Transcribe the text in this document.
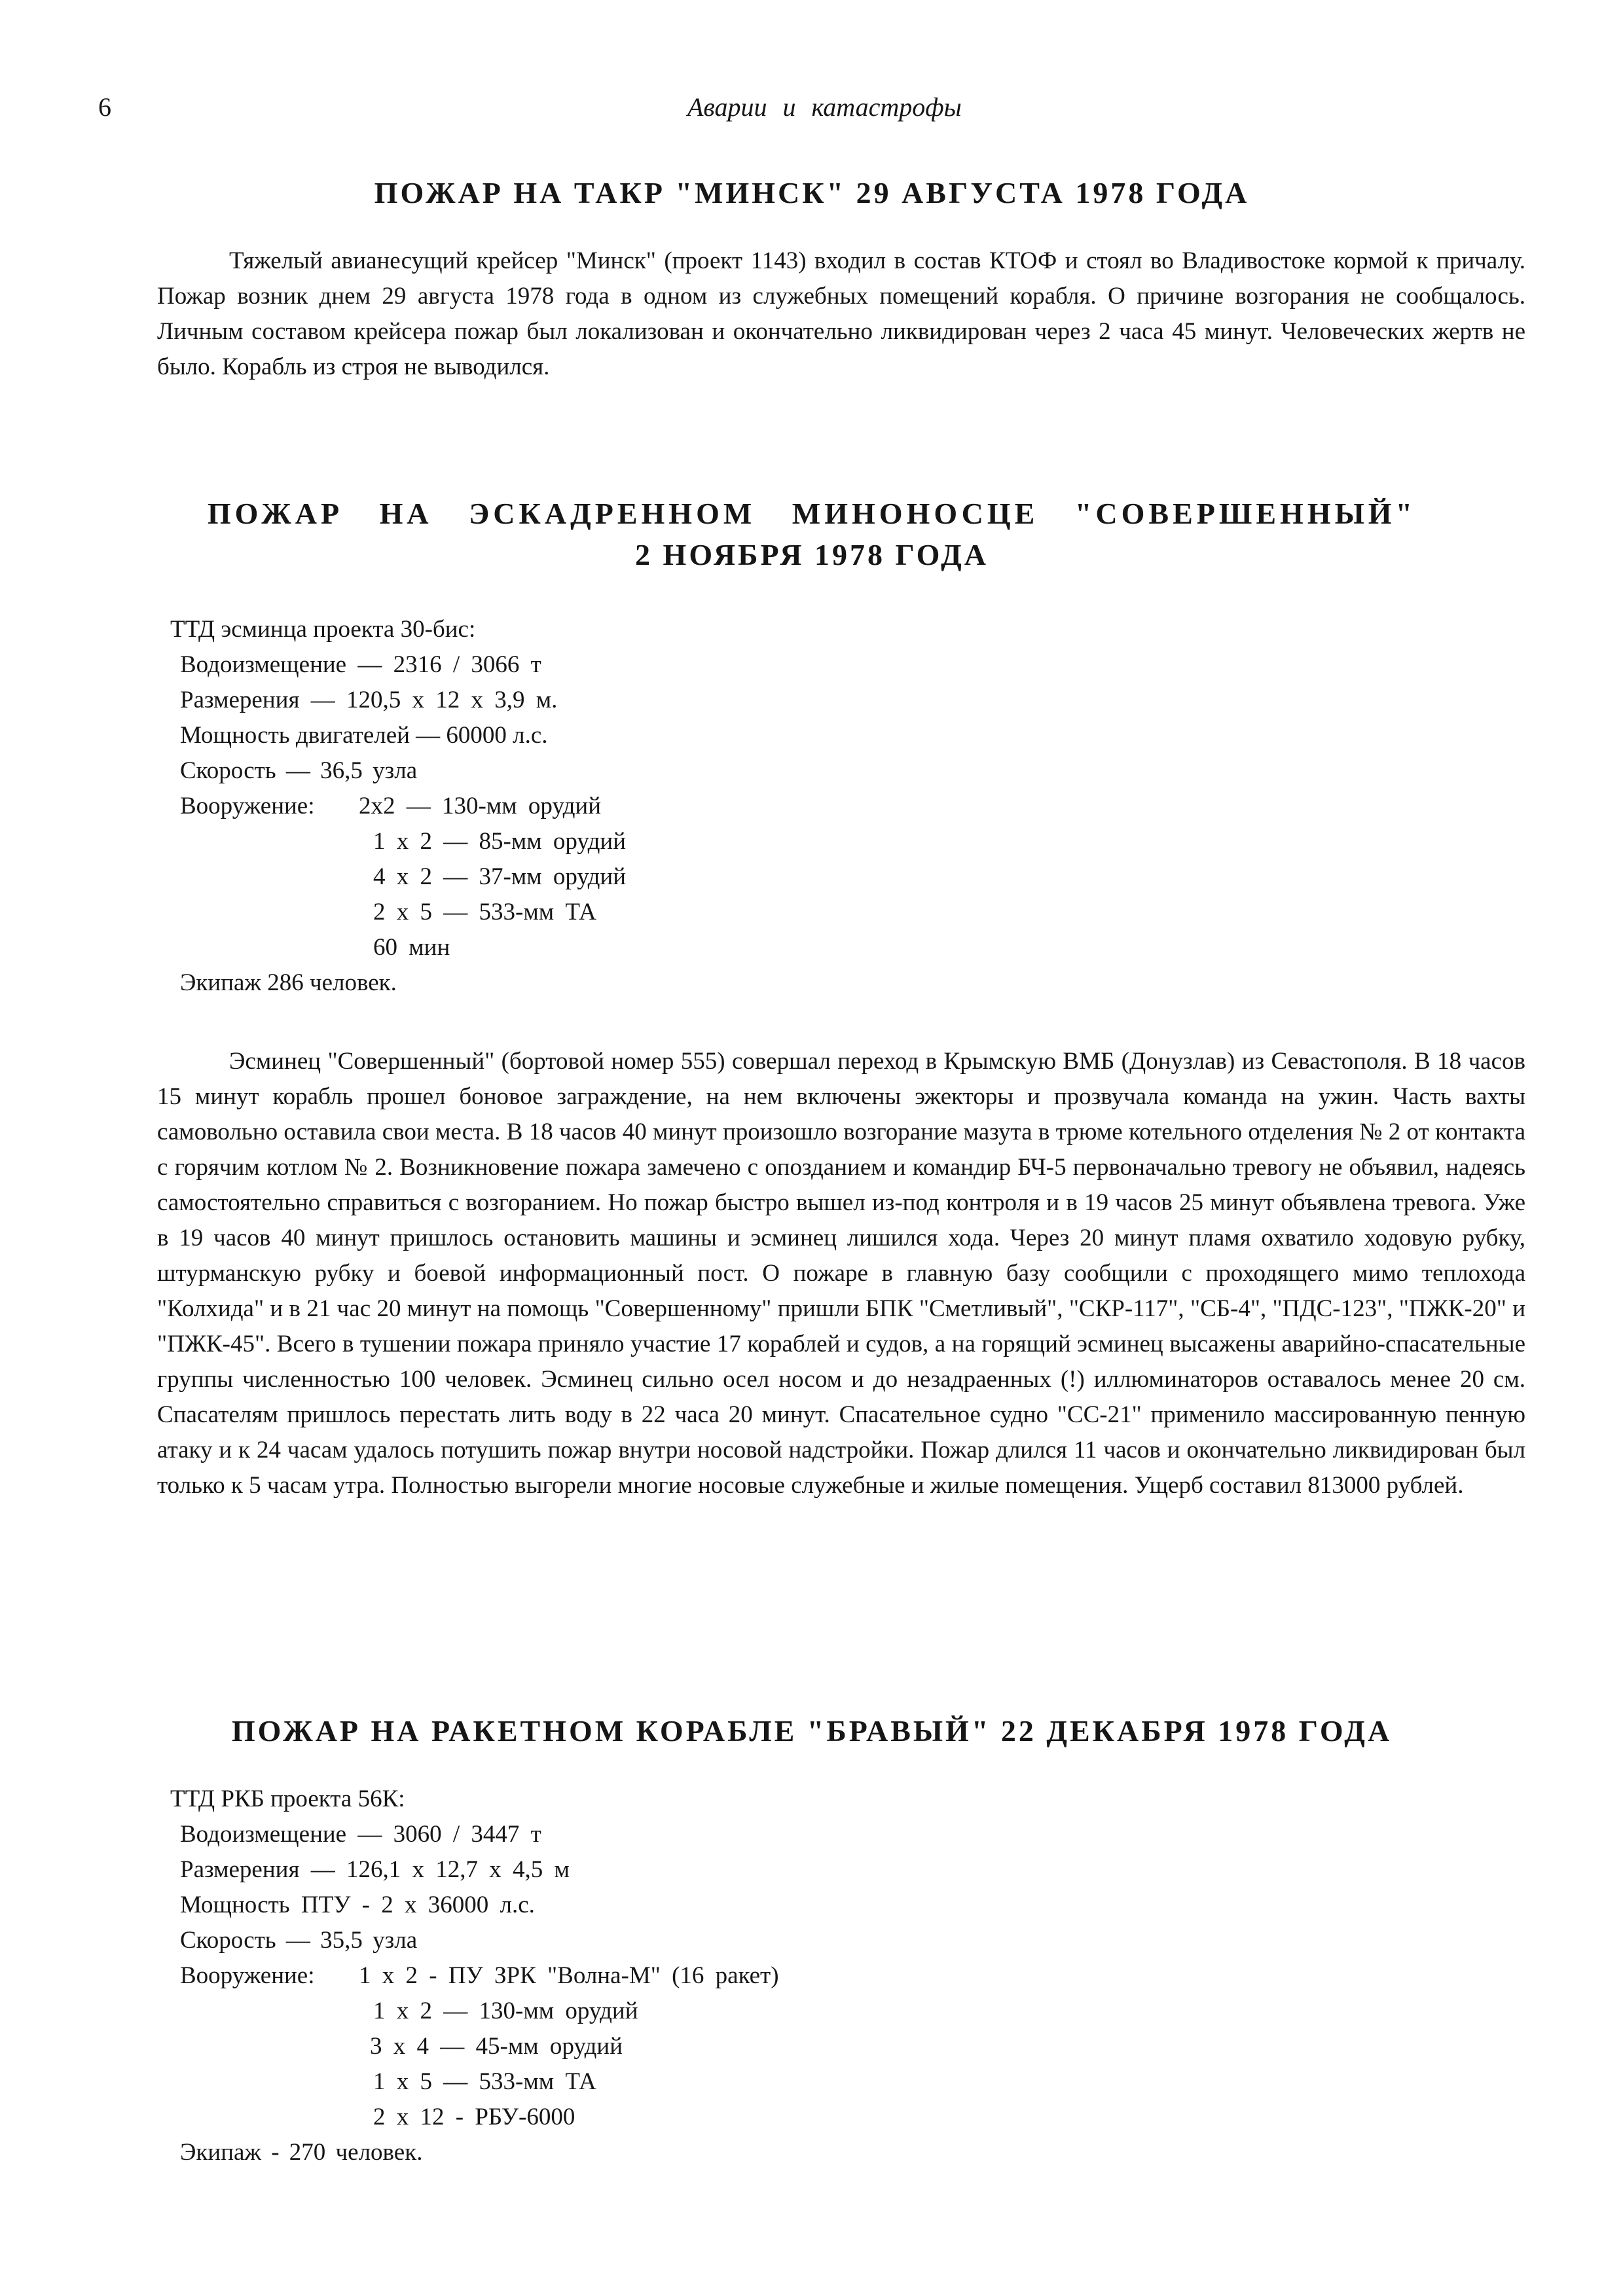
6	Аварии и катастрофы
ПОЖАР НА ТАКР "МИНСК" 29 АВГУСТА 1978 ГОДА

Тяжелый авианесущий крейсер "Минск" (проект 1143) входил в состав КТОФ и стоял во Владивостоке кормой к причалу. Пожар возник днем 29 августа 1978 года в одном из служебных помещений корабля. О причине возгорания не сообщалось. Личным составом крейсера пожар был локализован и окончательно ликвидирован через 2 часа 45 минут. Человеческих жертв не было. Корабль из строя не выводился.

ПОЖАР НА ЭСКАДРЕННОМ МИНОНОСЦЕ "СОВЕРШЕННЫЙ"
2 НОЯБРЯ 1978 ГОДА
ТТД эсминца проекта 30-бис:
Водоизмещение — 2316 / 3066 т
Размерения — 120,5 х 12 х 3,9 м.
Мощность двигателей — 60000 л.с.
Скорость — 36,5 узла
Вооружение: 2х2 — 130-мм орудий
1 х 2 — 85-мм орудий
4 х 2 — 37-мм орудий
2 х 5 — 533-мм ТА
60 мин
Экипаж 286 человек.

Эсминец "Совершенный" (бортовой номер 555) совершал переход в Крымскую ВМБ (Донузлав) из Севастополя. В 18 часов 15 минут корабль прошел боновое заграждение, на нем включены эжекторы и прозвучала команда на ужин. Часть вахты самовольно оставила свои места. В 18 часов 40 минут произошло возгорание мазута в трюме котельного отделения № 2 от контакта с горячим котлом № 2. Возникновение пожара замечено с опозданием и командир БЧ-5 первоначально тревогу не объявил, надеясь самостоятельно справиться с возгоранием. Но пожар быстро вышел из-под контроля и в 19 часов 25 минут объявлена тревога. Уже в 19 часов 40 минут пришлось остановить машины и эсминец лишился хода. Через 20 минут пламя охватило ходовую рубку, штурманскую рубку и боевой информационный пост. О пожаре в главную базу сообщили с проходящего мимо теплохода "Колхида" и в 21 час 20 минут на помощь "Совершенному" пришли БПК "Сметливый", "СКР-117", "СБ-4", "ПДС-123", "ПЖК-20" и "ПЖК-45". Всего в тушении пожара приняло участие 17 кораблей и судов, а на горящий эсминец высажены аварийно-спасательные группы численностью 100 человек. Эсминец сильно осел носом и до незадраенных (!) иллюминаторов оставалось менее 20 см. Спасателям пришлось перестать лить воду в 22 часа 20 минут. Спасательное судно "СС-21" применило массированную пенную атаку и к 24 часам удалось потушить пожар внутри носовой надстройки. Пожар длился 11 часов и окончательно ликвидирован был только к 5 часам утра. Полностью выгорели многие носовые служебные и жилые помещения. Ущерб составил 813000 рублей.

ПОЖАР НА РАКЕТНОМ КОРАБЛЕ "БРАВЫЙ" 22 ДЕКАБРЯ 1978 ГОДА
ТТД РКБ проекта 56К:
Водоизмещение — 3060 / 3447 т
Размерения — 126,1 х 12,7 х 4,5 м
Мощность ПТУ - 2 х 36000 л.с.
Скорость — 35,5 узла
Вооружение: 1 х 2 - ПУ ЗРК "Волна-М" (16 ракет)
1 х 2 — 130-мм орудий
3 х 4 — 45-мм орудий
1 х 5 — 533-мм ТА
2 х 12 - РБУ-6000
Экипаж - 270 человек.
